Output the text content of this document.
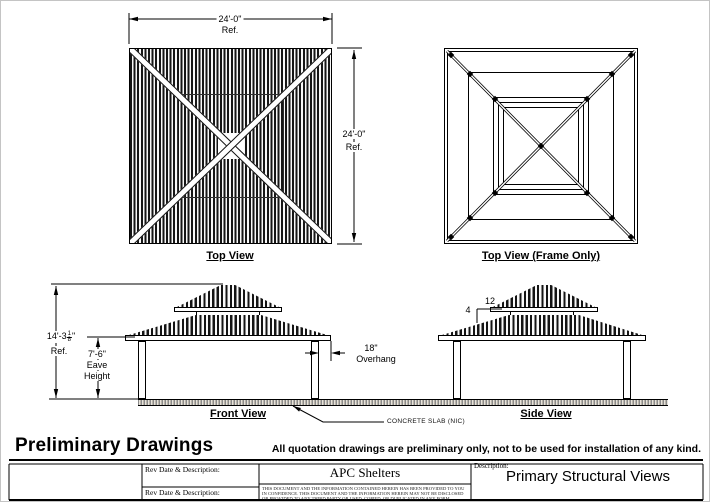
24'-0"
Ref.
24'-0"
Ref.
Top View	Top View (Frame Only)
Front View	Side View
$14'-3 \frac{1}{8}$ "
Ref. 7'-6"
Eave
Height
18"
Overhang
CONCRETE SLAB (NIC)
12
4
Preliminary Drawings	All quotation drawings are preliminary only, not to be used for installation of any kind.
Rev Date & Description:
Rev Date & Description:
APC Shelters
THIS DOCUMENT AND THE INFORMATION CONTAINED HEREIN HAS BEEN PROVIDED TO YOU
IN CONFIDENCE. THIS DOCUMENT AND THE INFORMATION HEREIN MAY NOT BE DISCLOSED
OR PROVIDED TO ANY THIRD PARTY OR USED, COPIED, OR DUPLICATED IN ANY FORM
Description:
Primary Structural Views
